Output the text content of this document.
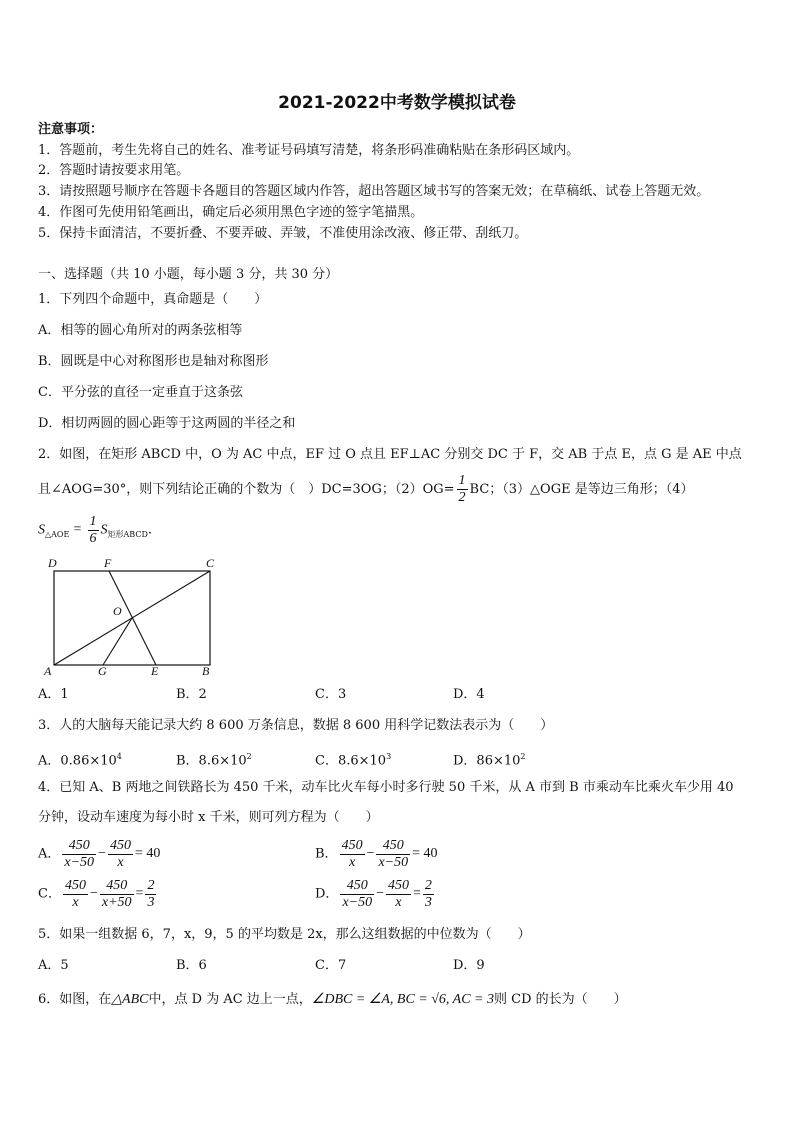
2021-2022中考数学模拟试卷
注意事项：
1．答题前，考生先将自己的姓名、准考证号码填写清楚，将条形码准确粘贴在条形码区域内。
2．答题时请按要求用笔。
3．请按照题号顺序在答题卡各题目的答题区域内作答，超出答题区域书写的答案无效；在草稿纸、试卷上答题无效。
4．作图可先使用铅笔画出，确定后必须用黑色字迹的签字笔描黑。
5．保持卡面清洁，不要折叠、不要弄破、弄皱，不准使用涂改液、修正带、刮纸刀。
一、选择题（共 10 小题，每小题 3 分，共 30 分）
1．下列四个命题中，真命题是（　　）
A．相等的圆心角所对的两条弦相等
B．圆既是中心对称图形也是轴对称图形
C．平分弦的直径一定垂直于这条弦
D．相切两圆的圆心距等于这两圆的半径之和
2．如图，在矩形 ABCD 中，O 为 AC 中点，EF 过 O 点且 EF⊥AC 分别交 DC 于 F，交 AB 于点 E，点 G 是 AE 中点
且∠AOG=30°，则下列结论正确的个数为（　）DC=3OG；$(2)OG= \frac{1}{2}$ BC；（3）△OGE 是等边三角形；（4）
$S_{\triangle AOE} = \frac{1}{6} S_{矩形ABCD}$.
D	F	C
O
A	G	E	B
A．1	B．2	C．3	D．4
3．人的大脑每天能记录大约 8 600 万条信息，数据 8 600 用科学记数法表示为（　　）
A．$0.86\times 10^4$	B．$8.6\times 10^2$	C．$8.6\times 10^3$	D．$86\times 10^2$
4．已知 A、B 两地之间铁路长为 450 千米，动车比火车每小时多行驶 50 千米，从 A 市到 B 市乘动车比乘火车少用 40
分钟，设动车速度为每小时 x 千米，则可列方程为（　　）
A． $\frac{450}{x-50} - \frac{450}{x} = 40$	B． $\frac{450}{x} - \frac{450}{x-50} = 40$
C． $\frac{450}{x} - \frac{450}{x+50} = \frac{2}{3}$	D． $\frac{450}{x-50} - \frac{450}{x} = \frac{2}{3}$
5．如果一组数据 6，7，x，9，5 的平均数是 2x，那么这组数据的中位数为（　　）
A．5	B．6	C．7	D．9
6．如图，在△ABC中，点 D 为 AC 边上一点，∠DBC = ∠A, BC = √6, AC = 3则 CD 的长为（　　）
